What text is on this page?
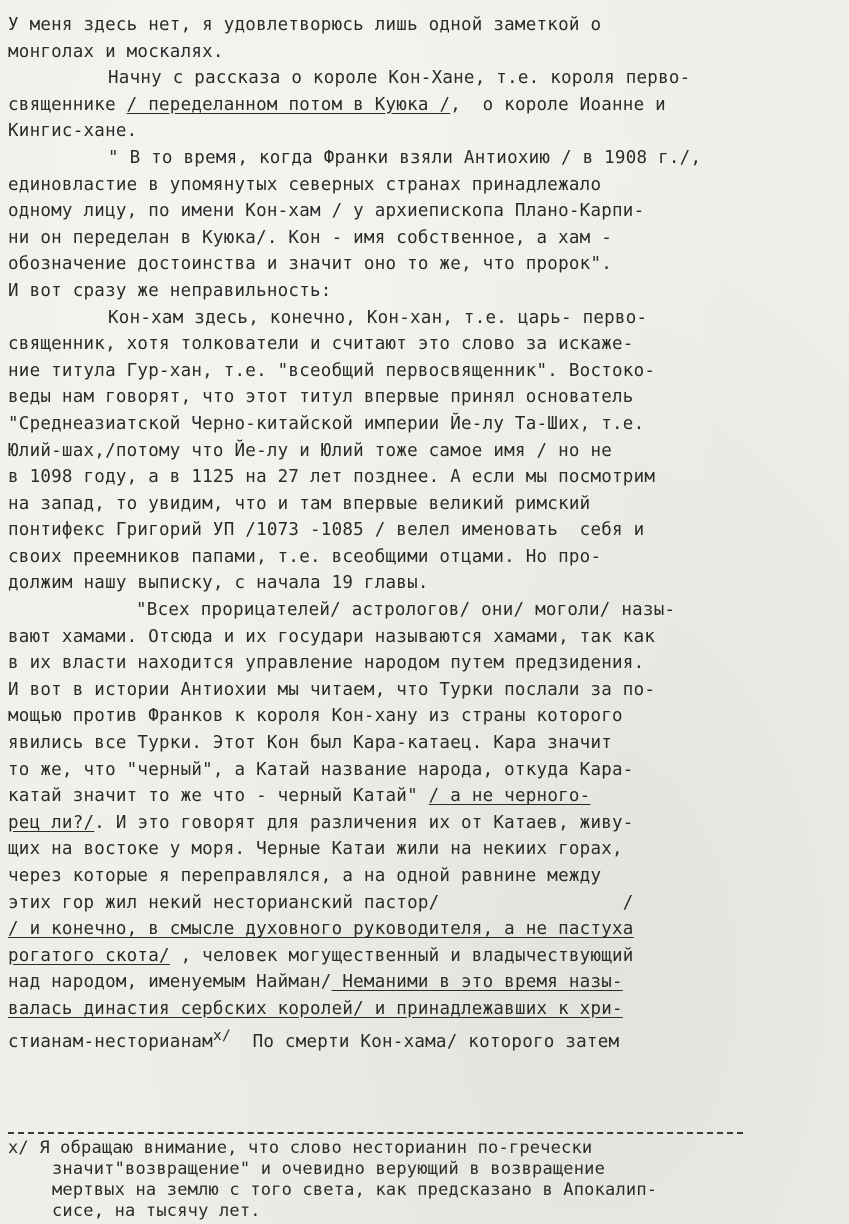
У меня здесь нет, я удовлетворюсь лишь одной заметкой о
монголах и москалях.
Начну с рассказа о короле Кон-Хане, т.е. короля перво-
священнике / переделанном потом в Куюка /,  о короле Иоанне и
Кингис-хане.
" В то время, когда Франки взяли Антиохию / в 1908 г./,
единовластие в упомянутых северных странах принадлежало
одному лицу, по имени Кон-хам / у архиепископа Плано-Карпи-
ни он переделан в Куюка/. Кон - имя собственное, а хам -
обозначение достоинства и значит оно то же, что пророк".
И вот сразу же неправильность:
Кон-хам здесь, конечно, Кон-хан, т.е. царь- перво-
священник, хотя толкователи и считают это слово за искаже-
ние титула Гур-хан, т.е. "всеобщий первосвященник". Востоко-
веды нам говорят, что этот титул впервые принял основатель
"Среднеазиатской Черно-китайской империи Йе-лу Та-Ших, т.е.
Юлий-шах,/потому что Йе-лу и Юлий тоже самое имя / но не
в 1098 году, а в 1125 на 27 лет позднее. А если мы посмотрим
на запад, то увидим, что и там впервые великий римский
понтифекс Григорий УП /1073 -1085 / велел именовать  себя и
своих преемников папами, т.е. всеобщими отцами. Но про-
должим нашу выписку, с начала 19 главы.
"Всех прорицателей/ астрологов/ они/ моголи/ назы-
вают хамами. Отсюда и их государи называются хамами, так как
в их власти находится управление народом путем предзидения.
И вот в истории Антиохии мы читаем, что Турки послали за по-
мощью против Франков к короля Кон-хану из страны которого
явились все Турки. Этот Кон был Кара-катаец. Кара значит
то же, что "черный", а Катай название народа, откуда Кара-
катай значит то же что - черный Катай" / а не черного-
рец ли?/. И это говорят для различения их от Катаев, живу-
щих на востоке у моря. Черные Катаи жили на некиих горах,
через которые я переправлялся, а на одной равнине между
этих гор жил некий несторианский пастор/                 /
/ и конечно, в смысле духовного руководителя, а не пастуха
рогатого скота/ , человек могущественный и владычествующий
над народом, именуемым Найман/ Неманими в это время назы-
валась династия сербских королей/ и принадлежавших к хри-
стианам-несторианам$^{x/}$  По смерти Кон-хама/ которого затем
x/ Я обращаю внимание, что слово несторианин по-гречески
значит"возвращение" и очевидно верующий в возвращение
мертвых на землю с того света, как предсказано в Апокалип-
сисе, на тысячу лет.
